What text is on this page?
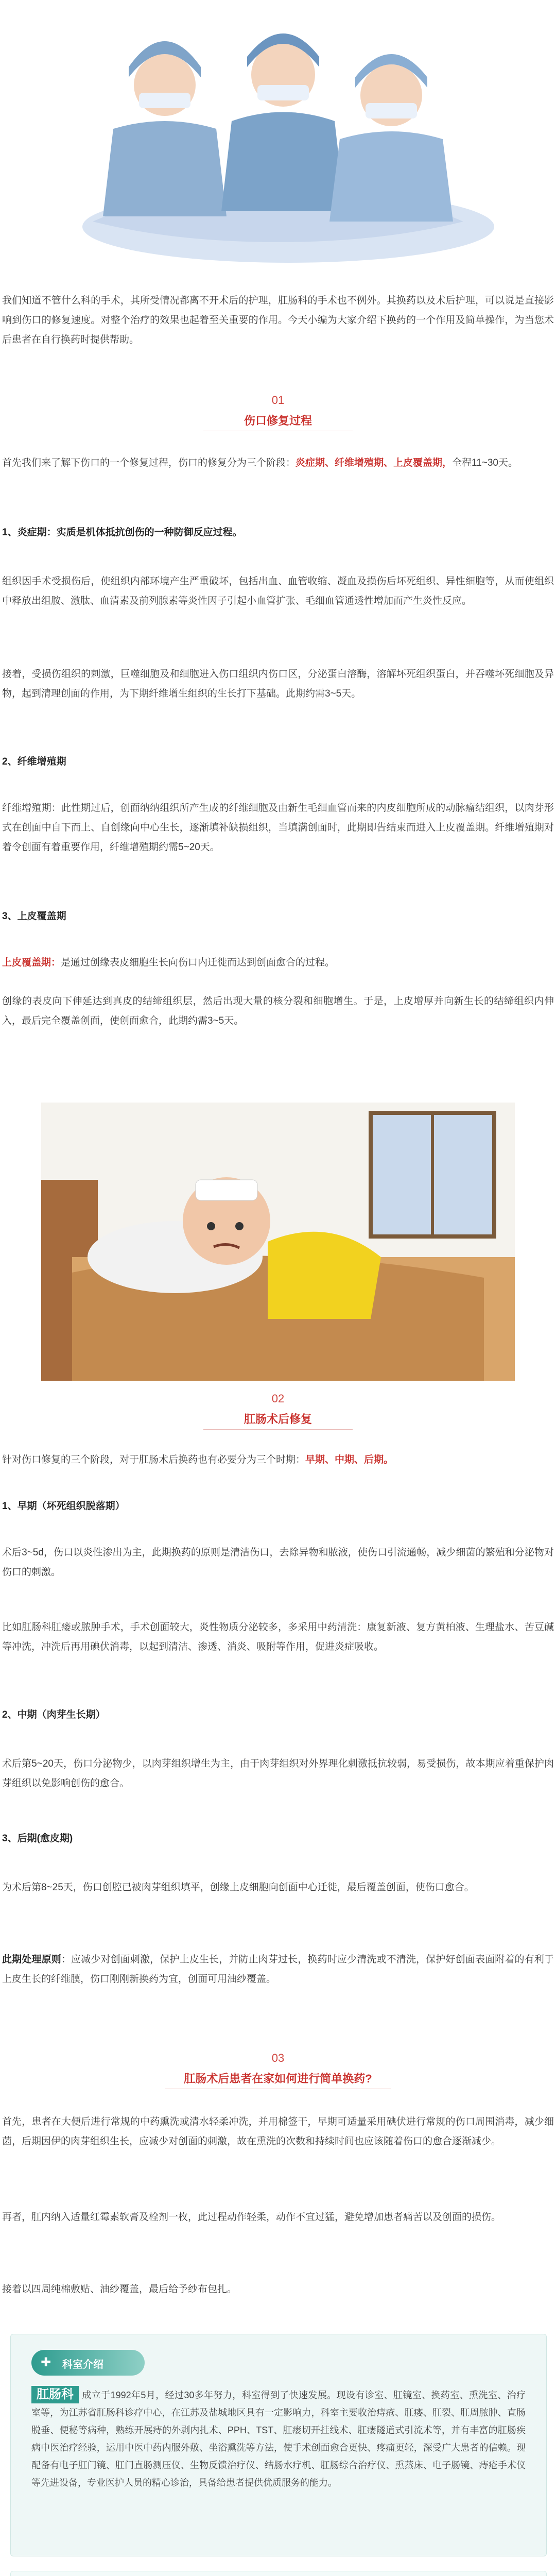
我们知道不管什么科的手术，其所受情况都离不开术后的护理，肛肠科的手术也不例外。其换药以及术后护理，可以说是直接影响到伤口的修复速度。对整个治疗的效果也起着至关重要的作用。今天小编为大家介绍下换药的一个作用及简单操作，为当您术后患者在自行换药时提供帮助。
01
伤口修复过程
首先我们来了解下伤口的一个修复过程，伤口的修复分为三个阶段：炎症期、纤维增殖期、上皮覆盖期，全程11~30天。
1、炎症期：实质是机体抵抗创伤的一种防御反应过程。
组织因手术受损伤后，使组织内部环境产生严重破坏，包括出血、血管收缩、凝血及损伤后坏死组织、异性细胞等，从而使组织中释放出组胺、激肽、血清素及前列腺素等炎性因子引起小血管扩张、毛细血管通透性增加而产生炎性反应。
接着，受损伤组织的刺激，巨噬细胞及和细胞进入伤口组织内伤口区，分泌蛋白溶酶，溶解坏死组织蛋白，并吞噬坏死细胞及异物，起到清理创面的作用，为下期纤维增生组织的生长打下基础。此期约需3~5天。
2、纤维增殖期
纤维增殖期：此性期过后，创面纳纳组织所产生成的纤维细胞及由新生毛细血管而来的内皮细胞所成的动脉瘤结组织，以肉芽形式在创面中自下而上、自创缘向中心生长，逐渐填补缺损组织，当填满创面时，此期即告结束而进入上皮覆盖期。纤维增殖期对着令创面有着重要作用，纤维增殖期约需5~20天。
3、上皮覆盖期
上皮覆盖期：是通过创缘表皮细胞生长向伤口内迁徙而达到创面愈合的过程。
创缘的表皮向下伸延达到真皮的结缔组织层，然后出现大量的核分裂和细胞增生。于是，上皮增厚并向新生长的结缔组织内伸入，最后完全覆盖创面，使创面愈合，此期约需3~5天。
02
肛肠术后修复
针对伤口修复的三个阶段，对于肛肠术后换药也有必要分为三个时期：早期、中期、后期。
1、早期（坏死组织脱落期）
术后3~5d，伤口以炎性渗出为主，此期换药的原则是清洁伤口，去除异物和脓液，使伤口引流通畅，减少细菌的繁殖和分泌物对伤口的刺激。
比如肛肠科肛瘘或脓肿手术，手术创面较大，炎性物质分泌较多，多采用中药清洗：康复新液、复方黄柏液、生理盐水、苦豆碱等冲洗，冲洗后再用碘伏消毒，以起到清洁、渗透、消炎、吸附等作用，促进炎症吸收。
2、中期（肉芽生长期）
术后第5~20天，伤口分泌物少，以肉芽组织增生为主，由于肉芽组织对外界理化刺激抵抗较弱，易受损伤，故本期应着重保护肉芽组织以免影响创伤的愈合。
3、后期(愈皮期)
为术后第8~25天，伤口创腔已被肉芽组织填平，创缘上皮细胞向创面中心迁徙，最后覆盖创面，使伤口愈合。
此期处理原则：应减少对创面刺激，保护上皮生长，并防止肉芽过长，换药时应少清洗或不清洗，保护好创面表面附着的有利于上皮生长的纤维膜，伤口刚刚新换药为宜，创面可用油纱覆盖。
03
肛肠术后患者在家如何进行简单换药?
首先，患者在大便后进行常规的中药熏洗或清水轻柔冲洗，并用棉签干，早期可适量采用碘伏进行常规的伤口周围消毒，减少细菌，后期因伊的肉芽组织生长，应减少对创面的刺激，故在熏洗的次数和持续时间也应该随着伤口的愈合逐渐减少。
再者，肛内纳入适量红霉素软膏及栓剂一枚，此过程动作轻柔，动作不宜过猛，避免增加患者痛苦以及创面的损伤。
接着以四周纯棉敷贴、油纱覆盖，最后给予纱布包扎。
✚ 科室介绍
肛肠科 成立于1992年5月，经过30多年努力，科室得到了快速发展。现设有诊室、肛镜室、换药室、熏洗室、治疗室等，为江苏省肛肠科诊疗中心，在江苏及盐城地区具有一定影响力，科室主要收治痔疮、肛瘘、肛裂、肛周脓肿、直肠脱垂、便秘等病种，熟练开展痔的外剥内扎术、PPH、TST、肛瘘切开挂线术、肛瘘隧道式引流术等，并有丰富的肛肠疾病中医治疗经验，运用中医中药内服外敷、坐浴熏洗等方法，使手术创面愈合更快、疼痛更轻，深受广大患者的信赖。现配备有电子肛门镜、肛门直肠测压仪、生物反馈治疗仪、结肠水疗机、肛肠综合治疗仪、熏蒸床、电子肠镜、痔疮手术仪等先进设备，专业医护人员的精心诊治，具备给患者提供优质服务的能力。
